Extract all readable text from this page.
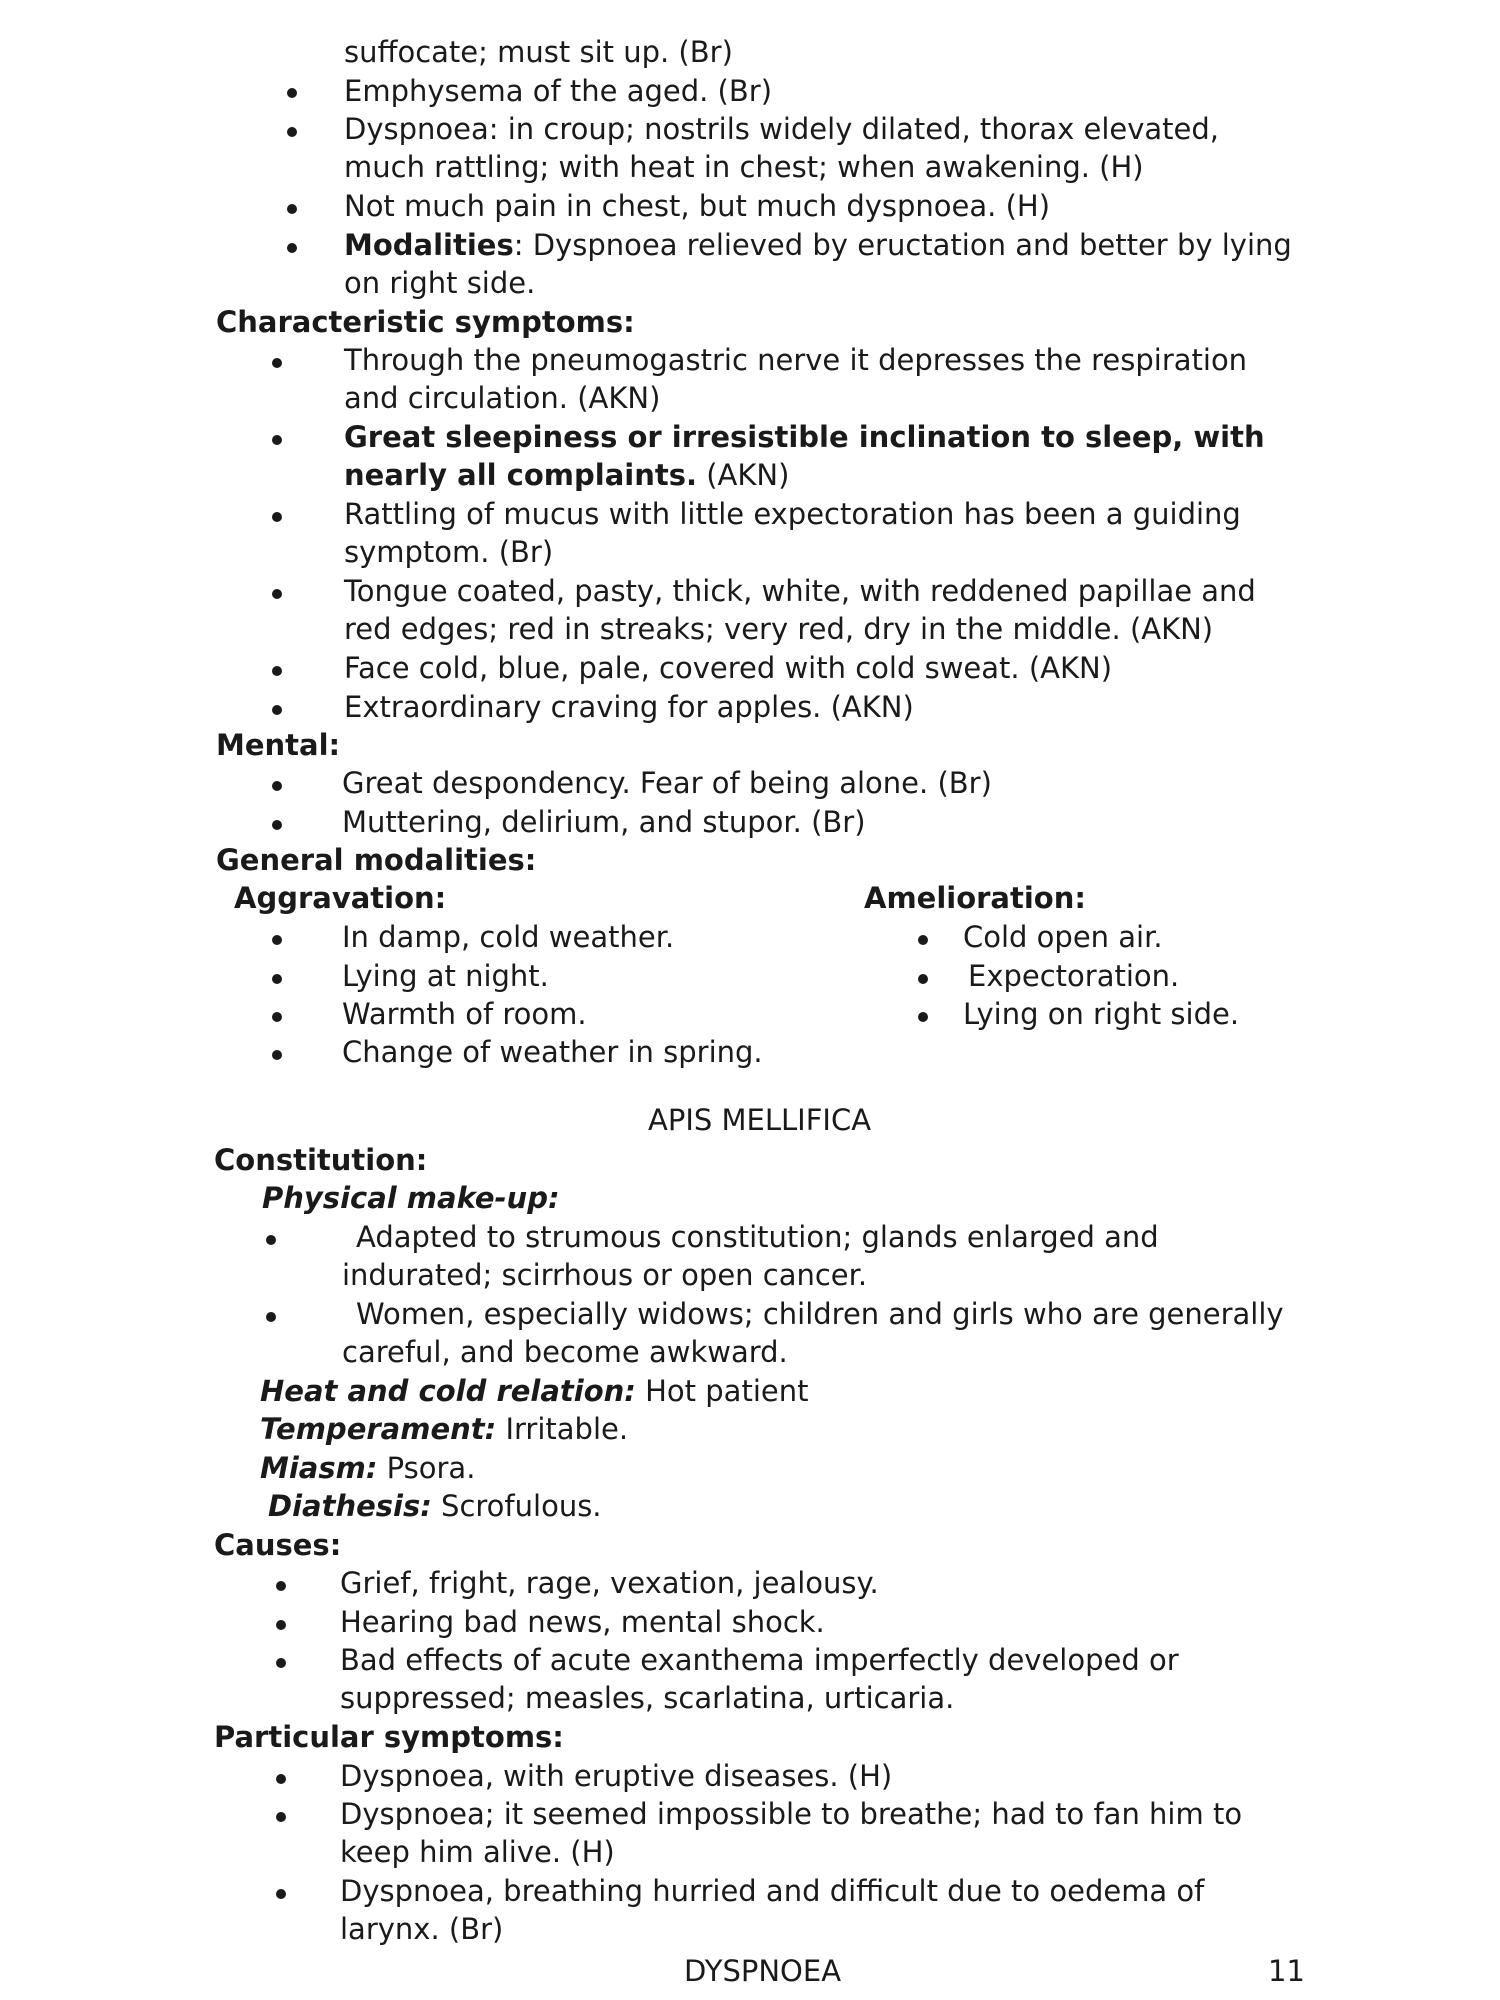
suffocate; must sit up. (Br)
Emphysema of the aged. (Br)
Dyspnoea: in croup; nostrils widely dilated, thorax elevated,
much rattling; with heat in chest; when awakening. (H)
Not much pain in chest, but much dyspnoea. (H)
Modalities: Dyspnoea relieved by eructation and better by lying
on right side.
Characteristic symptoms:
Through the pneumogastric nerve it depresses the respiration
and circulation. (AKN)
Great sleepiness or irresistible inclination to sleep, with
nearly all complaints. (AKN)
Rattling of mucus with little expectoration has been a guiding
symptom. (Br)
Tongue coated, pasty, thick, white, with reddened papillae and
red edges; red in streaks; very red, dry in the middle. (AKN)
Face cold, blue, pale, covered with cold sweat. (AKN)
Extraordinary craving for apples. (AKN)
Mental:
Great despondency. Fear of being alone. (Br)
Muttering, delirium, and stupor. (Br)
General modalities:
Aggravation:	Amelioration:
In damp, cold weather.
Lying at night.
Warmth of room.
Change of weather in spring.
Cold open air.
Expectoration.
Lying on right side.
APIS MELLIFICA
Constitution:
Physical make-up:
Adapted to strumous constitution; glands enlarged and
indurated; scirrhous or open cancer.
Women, especially widows; children and girls who are generally
careful, and become awkward.
Heat and cold relation: Hot patient
Temperament: Irritable.
Miasm: Psora.
Diathesis: Scrofulous.
Causes:
Grief, fright, rage, vexation, jealousy.
Hearing bad news, mental shock.
Bad effects of acute exanthema imperfectly developed or
suppressed; measles, scarlatina, urticaria.
Particular symptoms:
Dyspnoea, with eruptive diseases. (H)
Dyspnoea; it seemed impossible to breathe; had to fan him to
keep him alive. (H)
Dyspnoea, breathing hurried and difficult due to oedema of
larynx. (Br)
DYSPNOEA	11
